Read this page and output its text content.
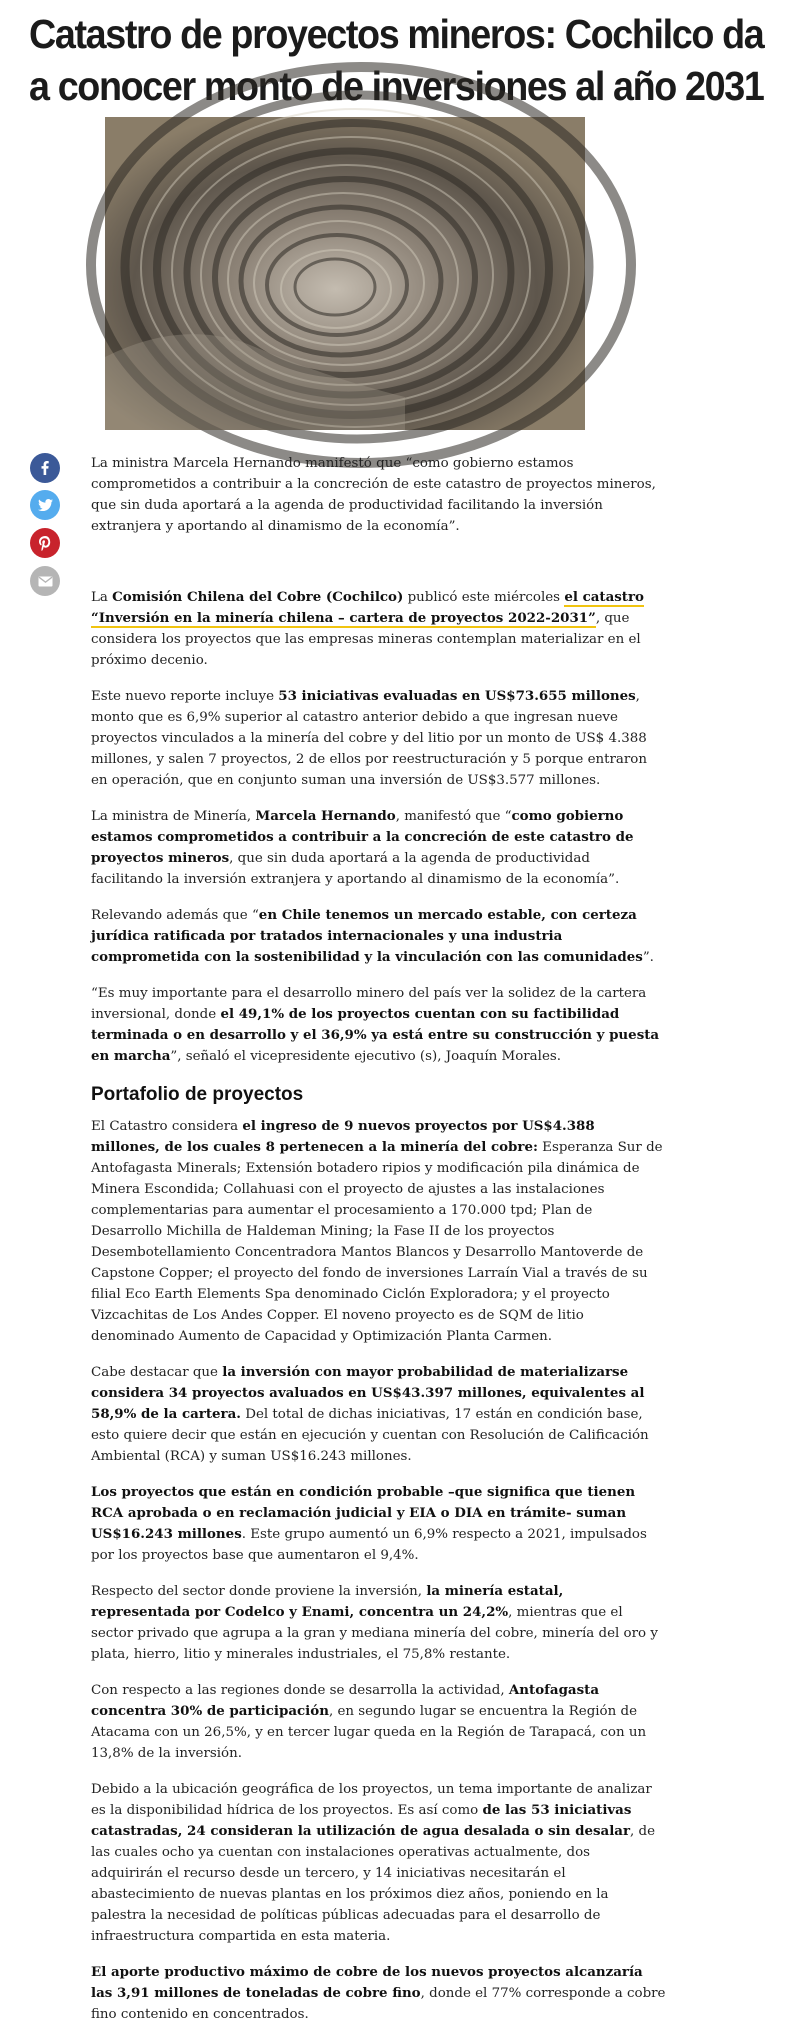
Catastro de proyectos mineros: Cochilco da
a conocer monto de inversiones al año 2031

La ministra Marcela Hernando manifestó que “como gobierno estamos comprometidos a contribuir a la concreción de este catastro de proyectos mineros, que sin duda aportará a la agenda de productividad facilitando la inversión extranjera y aportando al dinamismo de la economía”.

La Comisión Chilena del Cobre (Cochilco) publicó este miércoles el catastro “Inversión en la minería chilena – cartera de proyectos 2022-2031”, que considera los proyectos que las empresas mineras contemplan materializar en el próximo decenio.

Este nuevo reporte incluye 53 iniciativas evaluadas en US$73.655 millones, monto que es 6,9% superior al catastro anterior debido a que ingresan nueve proyectos vinculados a la minería del cobre y del litio por un monto de US$ 4.388 millones, y salen 7 proyectos, 2 de ellos por reestructuración y 5 porque entraron en operación, que en conjunto suman una inversión de US$3.577 millones.

La ministra de Minería, Marcela Hernando, manifestó que “como gobierno estamos comprometidos a contribuir a la concreción de este catastro de proyectos mineros, que sin duda aportará a la agenda de productividad facilitando la inversión extranjera y aportando al dinamismo de la economía”.

Relevando además que “en Chile tenemos un mercado estable, con certeza jurídica ratificada por tratados internacionales y una industria comprometida con la sostenibilidad y la vinculación con las comunidades”.

“Es muy importante para el desarrollo minero del país ver la solidez de la cartera inversional, donde el 49,1% de los proyectos cuentan con su factibilidad terminada o en desarrollo y el 36,9% ya está entre su construcción y puesta en marcha”, señaló el vicepresidente ejecutivo (s), Joaquín Morales.

Portafolio de proyectos

El Catastro considera el ingreso de 9 nuevos proyectos por US$4.388 millones, de los cuales 8 pertenecen a la minería del cobre: Esperanza Sur de Antofagasta Minerals; Extensión botadero ripios y modificación pila dinámica de Minera Escondida; Collahuasi con el proyecto de ajustes a las instalaciones complementarias para aumentar el procesamiento a 170.000 tpd; Plan de Desarrollo Michilla de Haldeman Mining; la Fase II de los proyectos Desembotellamiento Concentradora Mantos Blancos y Desarrollo Mantoverde de Capstone Copper; el proyecto del fondo de inversiones Larraín Vial a través de su filial Eco Earth Elements Spa denominado Ciclón Exploradora; y el proyecto Vizcachitas de Los Andes Copper. El noveno proyecto es de SQM de litio denominado Aumento de Capacidad y Optimización Planta Carmen.

Cabe destacar que la inversión con mayor probabilidad de materializarse considera 34 proyectos avaluados en US$43.397 millones, equivalentes al 58,9% de la cartera. Del total de dichas iniciativas, 17 están en condición base, esto quiere decir que están en ejecución y cuentan con Resolución de Calificación Ambiental (RCA) y suman US$16.243 millones.

Los proyectos que están en condición probable –que significa que tienen RCA aprobada o en reclamación judicial y EIA o DIA en trámite- suman US$16.243 millones. Este grupo aumentó un 6,9% respecto a 2021, impulsados por los proyectos base que aumentaron el 9,4%.

Respecto del sector donde proviene la inversión, la minería estatal, representada por Codelco y Enami, concentra un 24,2%, mientras que el sector privado que agrupa a la gran y mediana minería del cobre, minería del oro y plata, hierro, litio y minerales industriales, el 75,8% restante.

Con respecto a las regiones donde se desarrolla la actividad, Antofagasta concentra 30% de participación, en segundo lugar se encuentra la Región de Atacama con un 26,5%, y en tercer lugar queda en la Región de Tarapacá, con un 13,8% de la inversión.

Debido a la ubicación geográfica de los proyectos, un tema importante de analizar es la disponibilidad hídrica de los proyectos. Es así como de las 53 iniciativas catastradas, 24 consideran la utilización de agua desalada o sin desalar, de las cuales ocho ya cuentan con instalaciones operativas actualmente, dos adquirirán el recurso desde un tercero, y 14 iniciativas necesitarán el abastecimiento de nuevas plantas en los próximos diez años, poniendo en la palestra la necesidad de políticas públicas adecuadas para el desarrollo de infraestructura compartida en esta materia.

El aporte productivo máximo de cobre de los nuevos proyectos alcanzaría las 3,91 millones de toneladas de cobre fino, donde el 77% corresponde a cobre fino contenido en concentrados.
